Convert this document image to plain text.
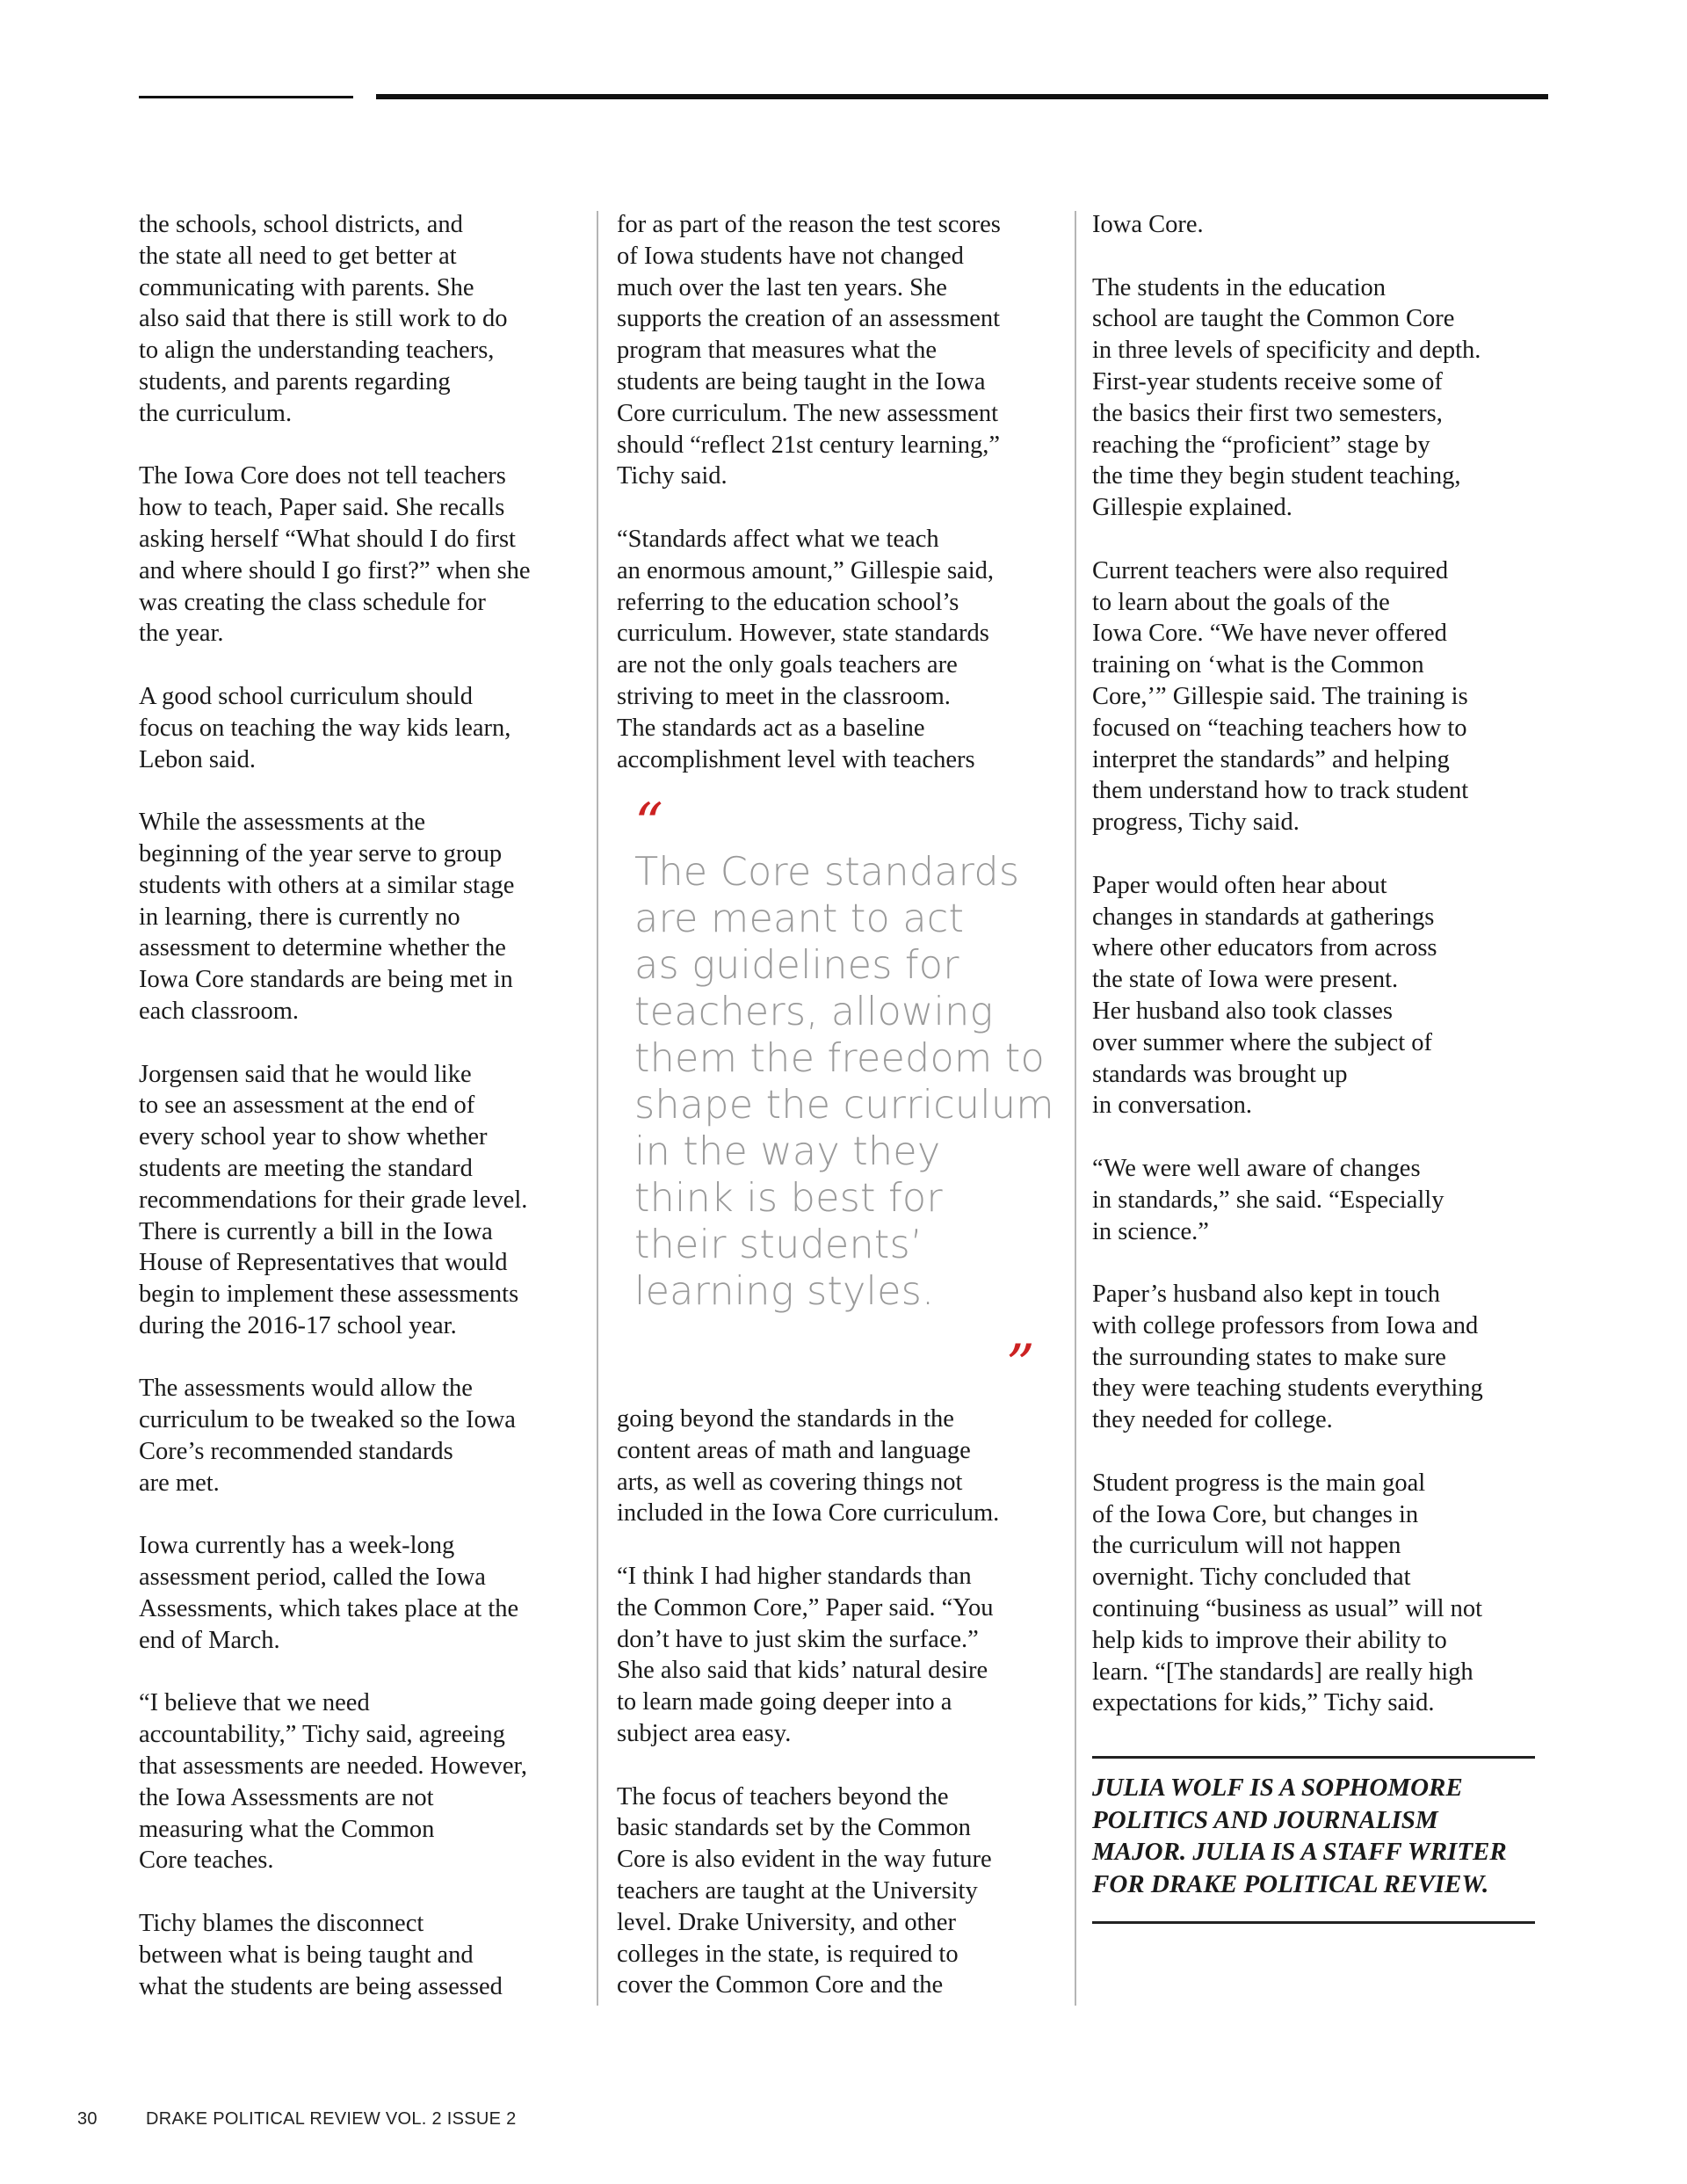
the schools, school districts, and
the state all need to get better at
communicating with parents. She
also said that there is still work to do
to align the understanding teachers,
students, and parents regarding
the curriculum.

The Iowa Core does not tell teachers
how to teach, Paper said. She recalls
asking herself “What should I do first
and where should I go first?” when she
was creating the class schedule for
the year.

A good school curriculum should
focus on teaching the way kids learn,
Lebon said.

While the assessments at the
beginning of the year serve to group
students with others at a similar stage
in learning, there is currently no
assessment to determine whether the
Iowa Core standards are being met in
each classroom.

Jorgensen said that he would like
to see an assessment at the end of
every school year to show whether
students are meeting the standard
recommendations for their grade level.
There is currently a bill in the Iowa
House of Representatives that would
begin to implement these assessments
during the 2016-17 school year.

The assessments would allow the
curriculum to be tweaked so the Iowa
Core’s recommended standards
are met.

Iowa currently has a week-long
assessment period, called the Iowa
Assessments, which takes place at the
end of March.

“I believe that we need
accountability,” Tichy said, agreeing
that assessments are needed. However,
the Iowa Assessments are not
measuring what the Common
Core teaches.

Tichy blames the disconnect
between what is being taught and
what the students are being assessed

for as part of the reason the test scores
of Iowa students have not changed
much over the last ten years. She
supports the creation of an assessment
program that measures what the
students are being taught in the Iowa
Core curriculum. The new assessment
should “reflect 21st century learning,”
Tichy said.

“Standards affect what we teach
an enormous amount,” Gillespie said,
referring to the education school’s
curriculum. However, state standards
are not the only goals teachers are
striving to meet in the classroom.
The standards act as a baseline
accomplishment level with teachers

“
The Core standards
are meant to act
as guidelines for
teachers, allowing
them the freedom to
shape the curriculum
in the way they
think is best for
their students’
learning styles.
”

going beyond the standards in the
content areas of math and language
arts, as well as covering things not
included in the Iowa Core curriculum.

“I think I had higher standards than
the Common Core,” Paper said. “You
don’t have to just skim the surface.”
She also said that kids’ natural desire
to learn made going deeper into a
subject area easy.

The focus of teachers beyond the
basic standards set by the Common
Core is also evident in the way future
teachers are taught at the University
level. Drake University, and other
colleges in the state, is required to
cover the Common Core and the

Iowa Core.

The students in the education
school are taught the Common Core
in three levels of specificity and depth.
First-year students receive some of
the basics their first two semesters,
reaching the “proficient” stage by
the time they begin student teaching,
Gillespie explained.

Current teachers were also required
to learn about the goals of the
Iowa Core. “We have never offered
training on ‘what is the Common
Core,’” Gillespie said. The training is
focused on “teaching teachers how to
interpret the standards” and helping
them understand how to track student
progress, Tichy said.

Paper would often hear about
changes in standards at gatherings
where other educators from across
the state of Iowa were present.
Her husband also took classes
over summer where the subject of
standards was brought up
in conversation.

“We were well aware of changes
in standards,” she said. “Especially
in science.”

Paper’s husband also kept in touch
with college professors from Iowa and
the surrounding states to make sure
they were teaching students everything
they needed for college.

Student progress is the main goal
of the Iowa Core, but changes in
the curriculum will not happen
overnight. Tichy concluded that
continuing “business as usual” will not
help kids to improve their ability to
learn. “[The standards] are really high
expectations for kids,” Tichy said.

JULIA WOLF IS A SOPHOMORE
POLITICS AND JOURNALISM
MAJOR. JULIA IS A STAFF WRITER
FOR DRAKE POLITICAL REVIEW.
30	DRAKE POLITICAL REVIEW VOL. 2 ISSUE 2
